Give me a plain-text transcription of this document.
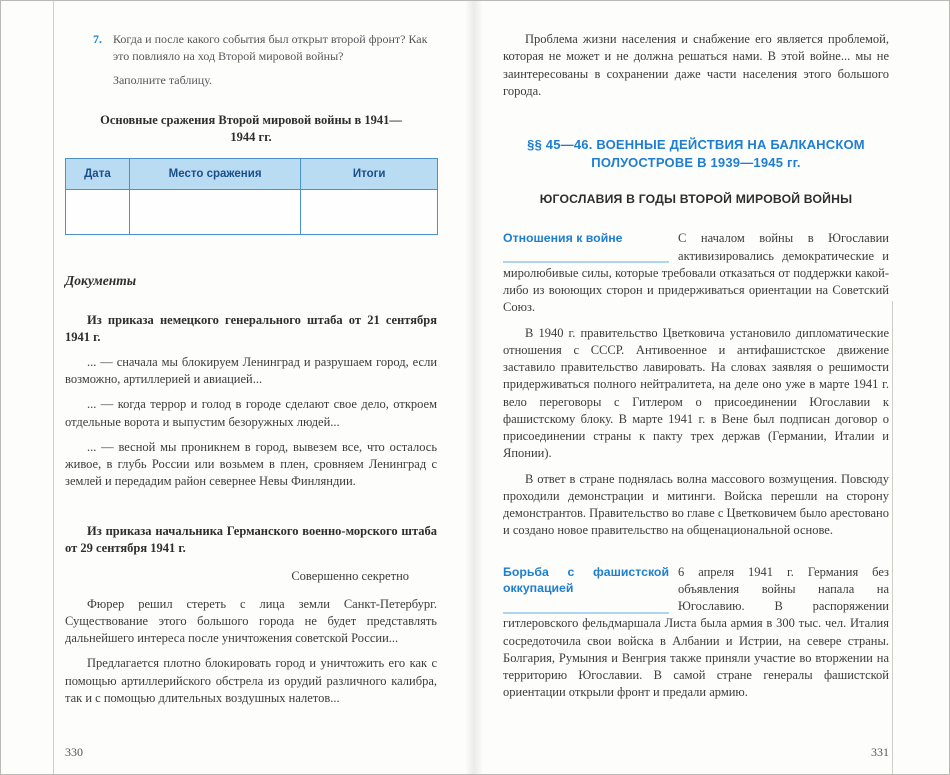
7. Когда и после какого события был открыт второй фронт? Как это повлияло на ход Второй мировой войны?
Заполните таблицу.
Основные сражения Второй мировой войны в 1941—1944 гг.
Дата	Место сражения	Итоги

Документы

Из приказа немецкого генерального штаба от 21 сентября 1941 г.

... — сначала мы блокируем Ленинград и разрушаем город, если возможно, артиллерией и авиацией...

... — когда террор и голод в городе сделают свое дело, откроем отдельные ворота и выпустим безоружных людей...

... — весной мы проникнем в город, вывезем все, что осталось живое, в глубь России или возьмем в плен, сровняем Ленинград с землей и передадим район севернее Невы Финляндии.

Из приказа начальника Германского военно-морского штаба от 29 сентября 1941 г.

Совершенно секретно

Фюрер решил стереть с лица земли Санкт-Петербург. Существование этого большого города не будет представлять дальнейшего интереса после уничтожения советской России...

Предлагается плотно блокировать город и уничтожить его как с помощью артиллерийского обстрела из орудий различного калибра, так и с помощью длительных воздушных налетов...

330

Проблема жизни населения и снабжение его является проблемой, которая не может и не должна решаться нами. В этой войне... мы не заинтересованы в сохранении даже части населения этого большого города.

§§ 45—46. ВОЕННЫЕ ДЕЙСТВИЯ НА БАЛКАНСКОМ ПОЛУОСТРОВЕ В 1939—1945 гг.
ЮГОСЛАВИЯ В ГОДЫ ВТОРОЙ МИРОВОЙ ВОЙНЫ

Отношения к войне	С началом войны в Югославии активизировались демократические и миролюбивые силы, которые требовали отказаться от поддержки какой-либо из воюющих сторон и придерживаться ориентации на Советский Союз.

В 1940 г. правительство Цветковича установило дипломатические отношения с СССР. Антивоенное и антифашистское движение заставило правительство лавировать. На словах заявляя о решимости придерживаться полного нейтралитета, на деле оно уже в марте 1941 г. вело переговоры с Гитлером о присоединении Югославии к фашистскому блоку. В марте 1941 г. в Вене был подписан договор о присоединении страны к пакту трех держав (Германии, Италии и Японии).

В ответ в стране поднялась волна массового возмущения. Повсюду проходили демонстрации и митинги. Войска перешли на сторону демонстрантов. Правительство во главе с Цветковичем было арестовано и создано новое правительство на общенациональной основе.

Борьба с фашистской оккупацией
6 апреля 1941 г. Германия без объявления войны напала на Югославию. В распоряжении гитлеровского фельдмаршала Листа была армия в 300 тыс. чел. Италия сосредоточила свои войска в Албании и Истрии, на севере страны. Болгария, Румыния и Венгрия также приняли участие во вторжении на территорию Югославии. В самой стране генералы фашистской ориентации открыли фронт и предали армию.

331
